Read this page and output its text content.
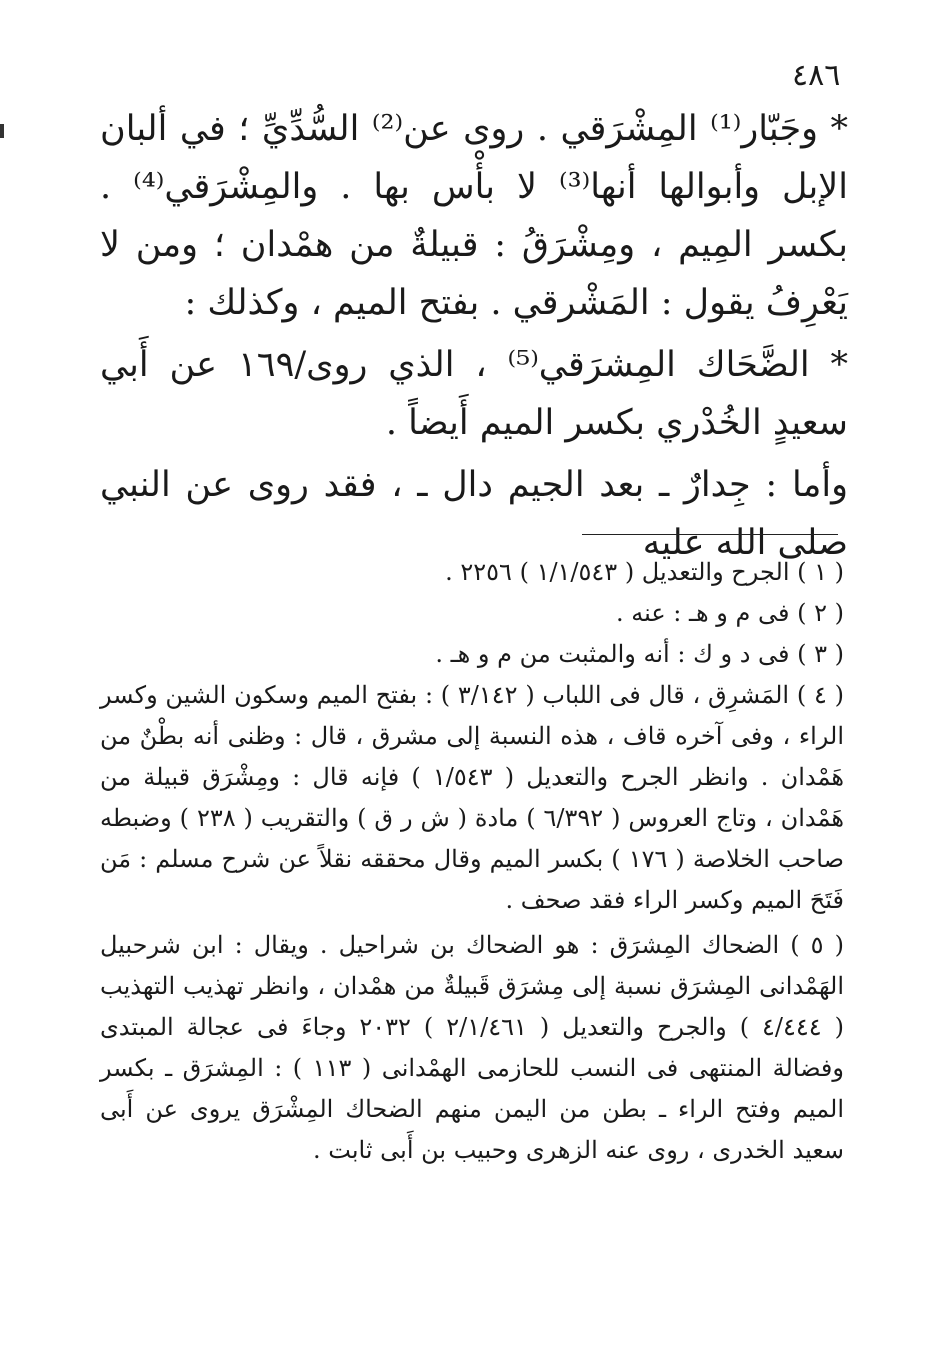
٤٨٦

* وجَبّار⁽¹⁾ المِشْرَقي . روى عن⁽²⁾ السُّدِّيِّ ؛ في ألبان الإبل وأبوالها أنها⁽³⁾ لا بأْس بها . والمِشْرَقي⁽⁴⁾ . بكسر المِيم ، ومِشْرَقُ : قبيلةٌ من همْدان ؛ ومن لا يَعْرِفُ يقول : المَشْرقي . بفتح الميم ، وكذلك :

* الضَّحَاك المِشرَقي⁽⁵⁾ ، الذي روى/١٦٩ عن أَبي سعيدٍ الخُدْري بكسر الميم أَيضاً .

وأما : جِدارٌ ـ بعد الجيم دال ـ ، فقد روى عن النبي صلى الله عليه

( ١ ) الجرح والتعديل ( ١/١/٥٤٣ ) ٢٢٥٦ .

( ٢ ) فى م و هـ : عنه .

( ٣ ) فى د و ك : أنه والمثبت من م و هـ .

( ٤ ) المَشرِق ، قال فى اللباب ( ٣/١٤٢ ) : بفتح الميم وسكون الشين وكسر الراء ، وفى آخره قاف ، هذه النسبة إلى مشرق ، قال : وظنى أنه بطْنٌ من هَمْدان . وانظر الجرح والتعديل ( ١/٥٤٣ ) فإنه قال : ومِشْرَق قبيلة من هَمْدان ، وتاج العروس ( ٦/٣٩٢ ) مادة ( ش ر ق ) والتقريب ( ٢٣٨ ) وضبطه صاحب الخلاصة ( ١٧٦ ) بكسر الميم وقال محققه نقلاً عن شرح مسلم : مَن فَتَحَ الميم وكسر الراء فقد صحف .

( ٥ ) الضحاك المِشرَق : هو الضحاك بن شراحيل . ويقال : ابن شرحبيل الهَمْدانى المِشرَق نسبة إلى مِشرَق قَبيلةٌ من همْدان ، وانظر تهذيب التهذيب ( ٤/٤٤٤ ) والجرح والتعديل ( ٢/١/٤٦١ ) ٢٠٣٢ وجاءَ فى عجالة المبتدى وفضالة المنتهى فى النسب للحازمى الهمْدانى ( ١١٣ ) : المِشرَق ـ بكسر الميم وفتح الراء ـ بطن من اليمن منهم الضحاك المِشْرَق يروى عن أَبى سعيد الخدرى ، روى عنه الزهرى وحبيب بن أَبى ثابت .
